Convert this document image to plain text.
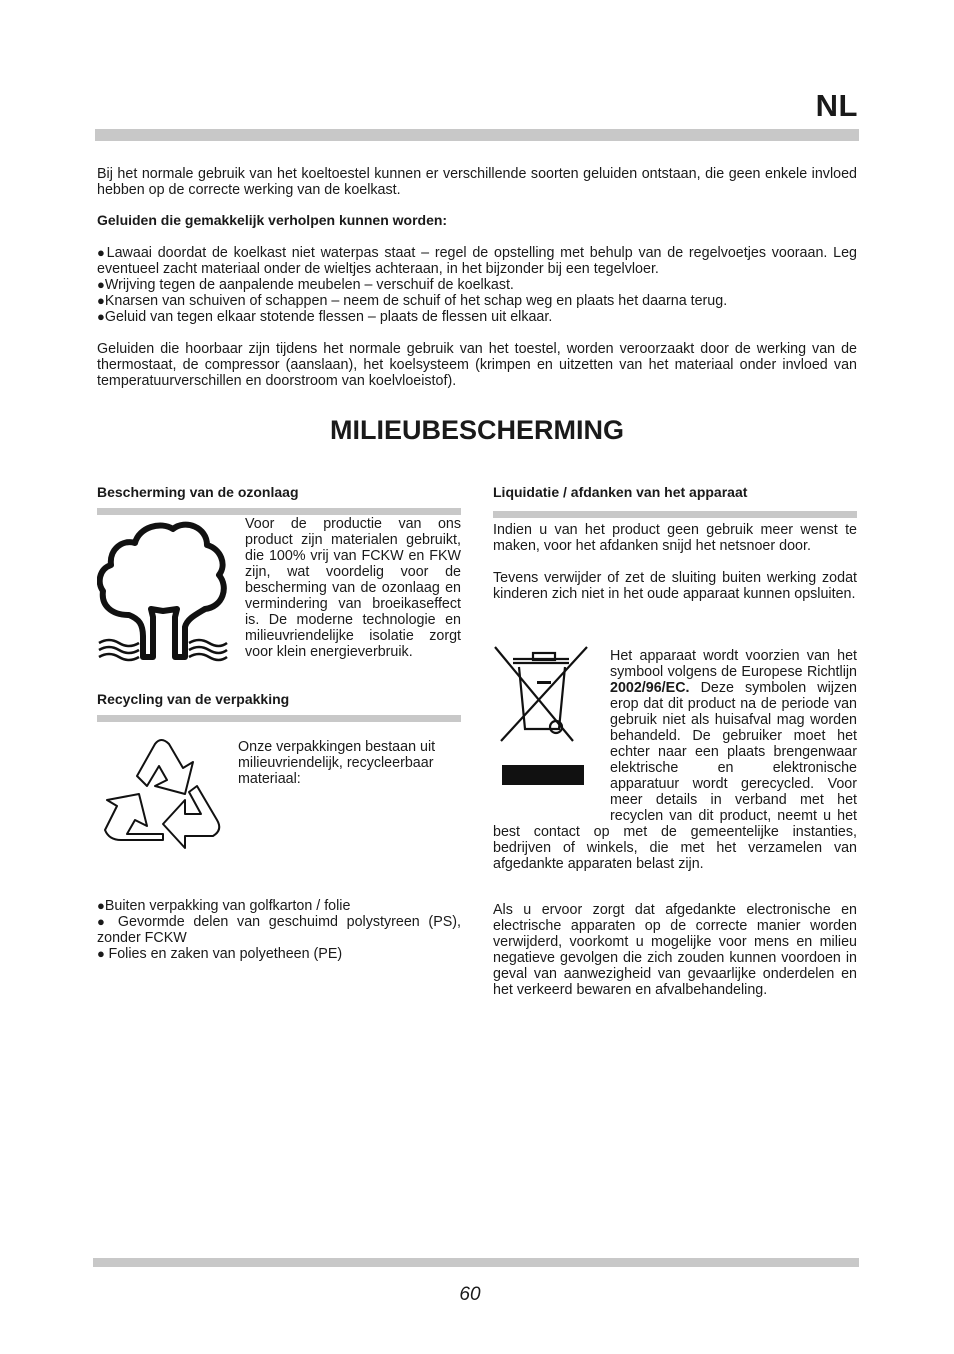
NL

Bij het normale gebruik van het koeltoestel kunnen er verschillende soorten geluiden ontstaan, die geen enkele invloed hebben op de correcte werking van de koelkast.

Geluiden die gemakkelijk verholpen kunnen worden:

●Lawaai doordat de koelkast niet waterpas staat – regel de opstelling met behulp van de regelvoetjes vooraan. Leg eventueel zacht materiaal onder de wieltjes achteraan, in het bijzonder bij een tegelvloer.
●Wrijving tegen de aanpalende meubelen – verschuif de koelkast.
●Knarsen van schuiven of schappen – neem de schuif of het schap weg en plaats het daarna terug.
●Geluid van tegen elkaar stotende flessen – plaats de flessen uit elkaar.

Geluiden die hoorbaar zijn tijdens het normale gebruik van het toestel, worden veroorzaakt door de werking van de thermostaat, de compressor (aanslaan), het koelsysteem (krimpen en uitzetten van het materiaal onder invloed van temperatuurverschillen en doorstroom van koelvloeistof).

MILIEUBESCHERMING

Bescherming van de ozonlaag

Voor de productie van ons product zijn materialen gebruikt, die 100% vrij van FCKW en FKW zijn, wat voordelig voor de bescherming van de ozonlaag en vermindering van broeikaseffect is. De moderne technologie en milieuvriendelijke isolatie zorgt voor klein energieverbruik.

Recycling van de verpakking

Onze verpakkingen bestaan uit milieuvriendelijk, recycleerbaar materiaal:

●Buiten verpakking van golfkarton / folie
● Gevormde delen van geschuimd polystyreen (PS), zonder FCKW
● Folies en zaken van polyetheen (PE)

Liquidatie / afdanken van het apparaat

Indien u van het product geen gebruik meer wenst te maken, voor het afdanken snijd het netsnoer door.

Tevens verwijder of zet de sluiting buiten werking zodat kinderen zich niet in het oude apparaat kunnen opsluiten.

Het apparaat wordt voorzien van het symbool volgens de Europese Richtlijn 2002/96/EC. Deze symbolen wijzen erop dat dit product na de periode van gebruik niet als huisafval mag worden behandeld. De gebruiker moet het echter naar een plaats brengenwaar elektrische en elektronische apparatuur wordt gerecycled. Voor meer details in verband met het recyclen van dit product, neemt u het best contact op met de gemeentelijke instanties, bedrijven of winkels, die met het verzamelen van afgedankte apparaten belast zijn.

Als u ervoor zorgt dat afgedankte electronische en electrische apparaten op de correcte manier worden verwijderd, voorkomt u mogelijke voor mens en milieu negatieve gevolgen die zich zouden kunnen voordoen in geval van aanwezigheid van gevaarlijke onderdelen en het verkeerd bewaren en afvalbehandeling.

60
